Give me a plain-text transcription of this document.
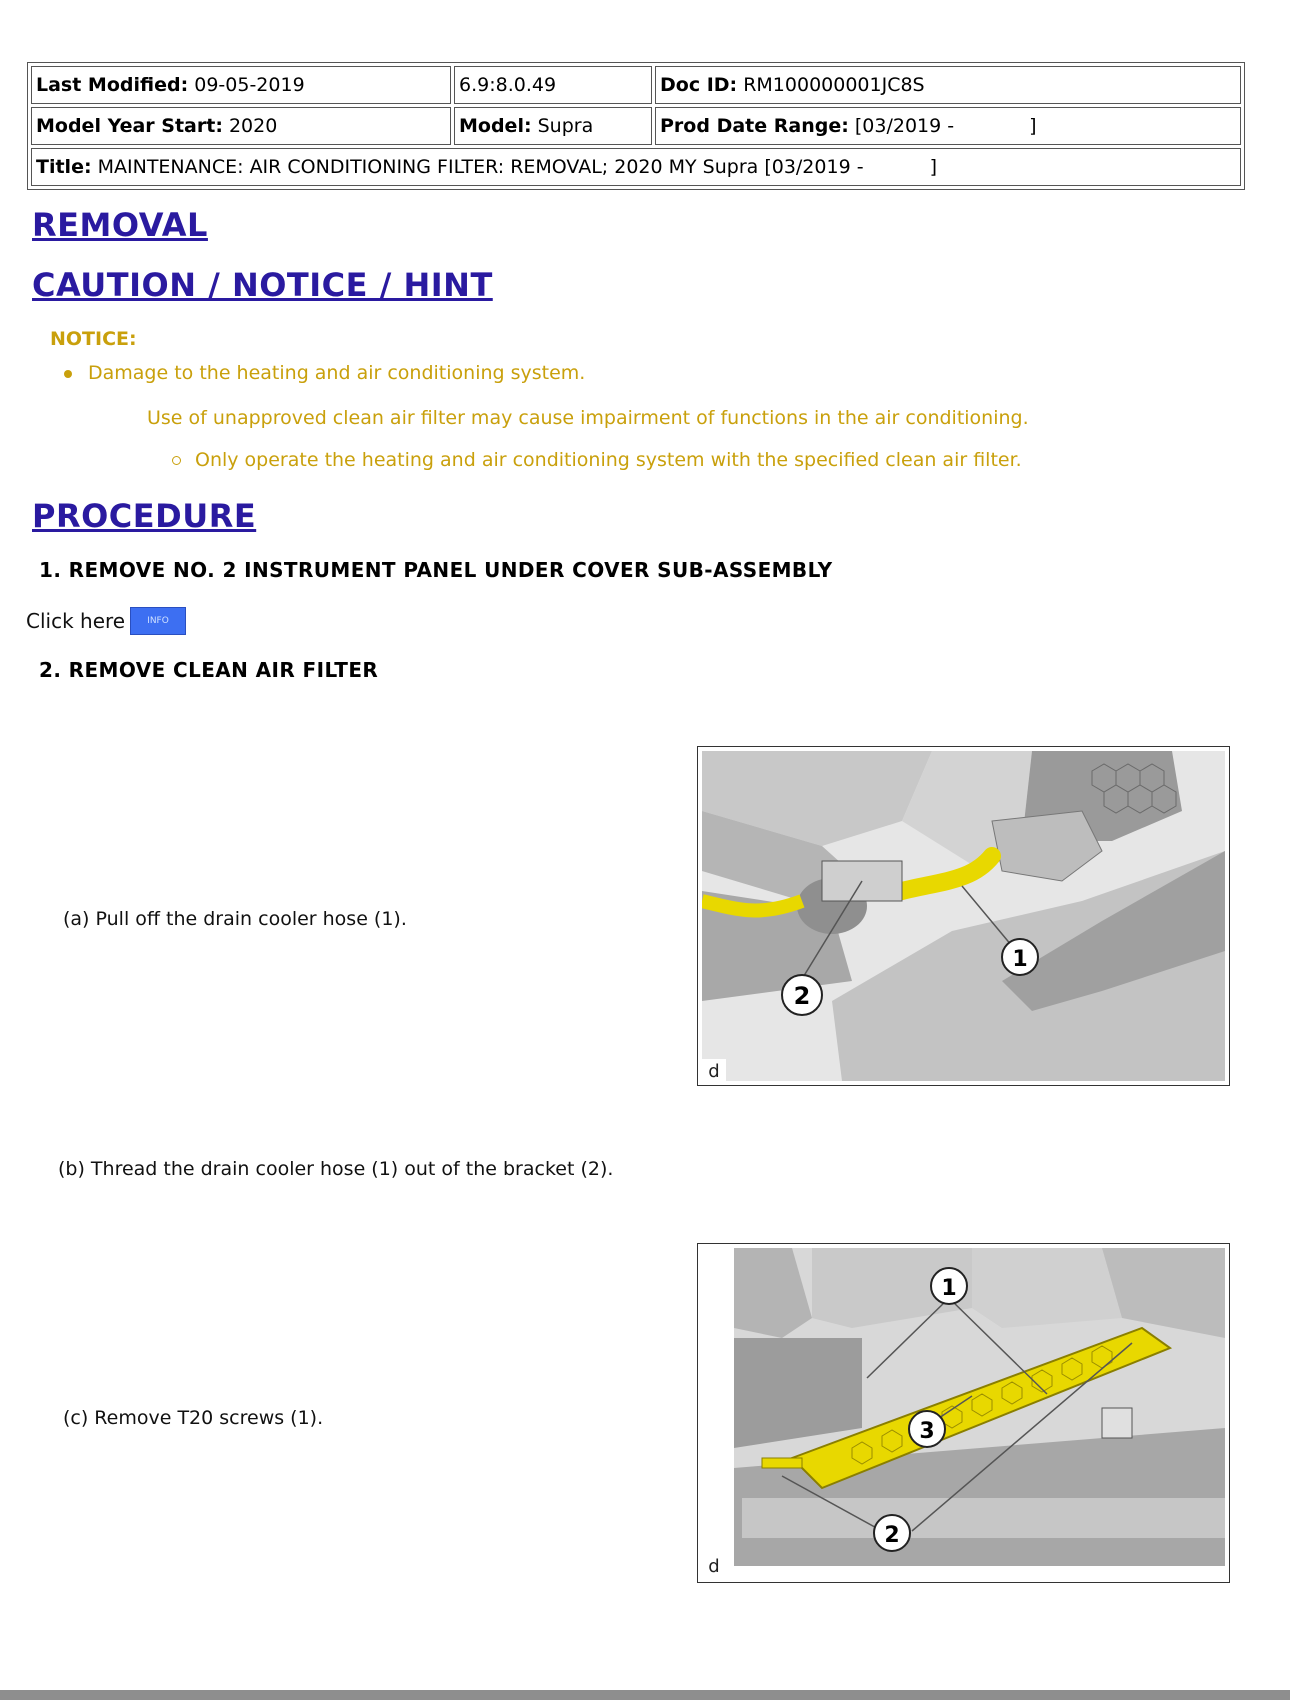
Last Modified: 09-05-2019	6.9:8.0.49	Doc ID: RM100000001JC8S
Model Year Start: 2020	Model: Supra	Prod Date Range: [03/2019 - ]
Title: MAINTENANCE: AIR CONDITIONING FILTER: REMOVAL; 2020 MY Supra [03/2019 - ]		
REMOVAL
CAUTION / NOTICE / HINT
NOTICE:
Damage to the heating and air conditioning system.
Use of unapproved clean air filter may cause impairment of functions in the air conditioning.
Only operate the heating and air conditioning system with the specified clean air filter.
PROCEDURE
1. REMOVE NO. 2 INSTRUMENT PANEL UNDER COVER SUB-ASSEMBLY
Click here	INFO
2. REMOVE CLEAN AIR FILTER
(a) Pull off the drain cooler hose (1).
(b) Thread the drain cooler hose (1) out of the bracket (2).
(c) Remove T20 screws (1).
1
2
d
1
3
2
d
